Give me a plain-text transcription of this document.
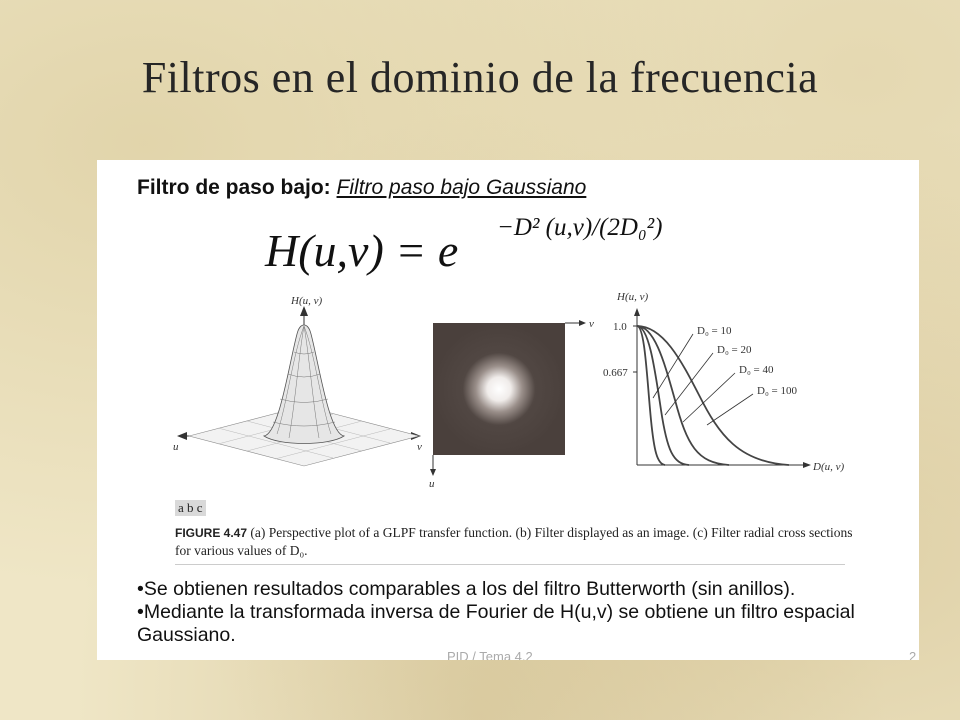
Filtros en el dominio de la frecuencia
Filtro de paso bajo: Filtro paso bajo Gaussiano
H(u,v) = e −D² (u,v)/(2D₀²)
H(u, v)
u	v
v
u
H(u, v)
D(u, v)
1.0
0.667
D₀ = 10
D₀ = 20
D₀ = 40
D₀ = 100
a b c
FIGURE 4.47 (a) Perspective plot of a GLPF transfer function. (b) Filter displayed as an image. (c) Filter radial cross sections for various values of D₀.
•Se obtienen resultados comparables a los del filtro Butterworth (sin anillos).
•Mediante la transformada inversa de Fourier de H(u,v) se obtiene un filtro espacial Gaussiano.
PID / Tema 4.2	2
